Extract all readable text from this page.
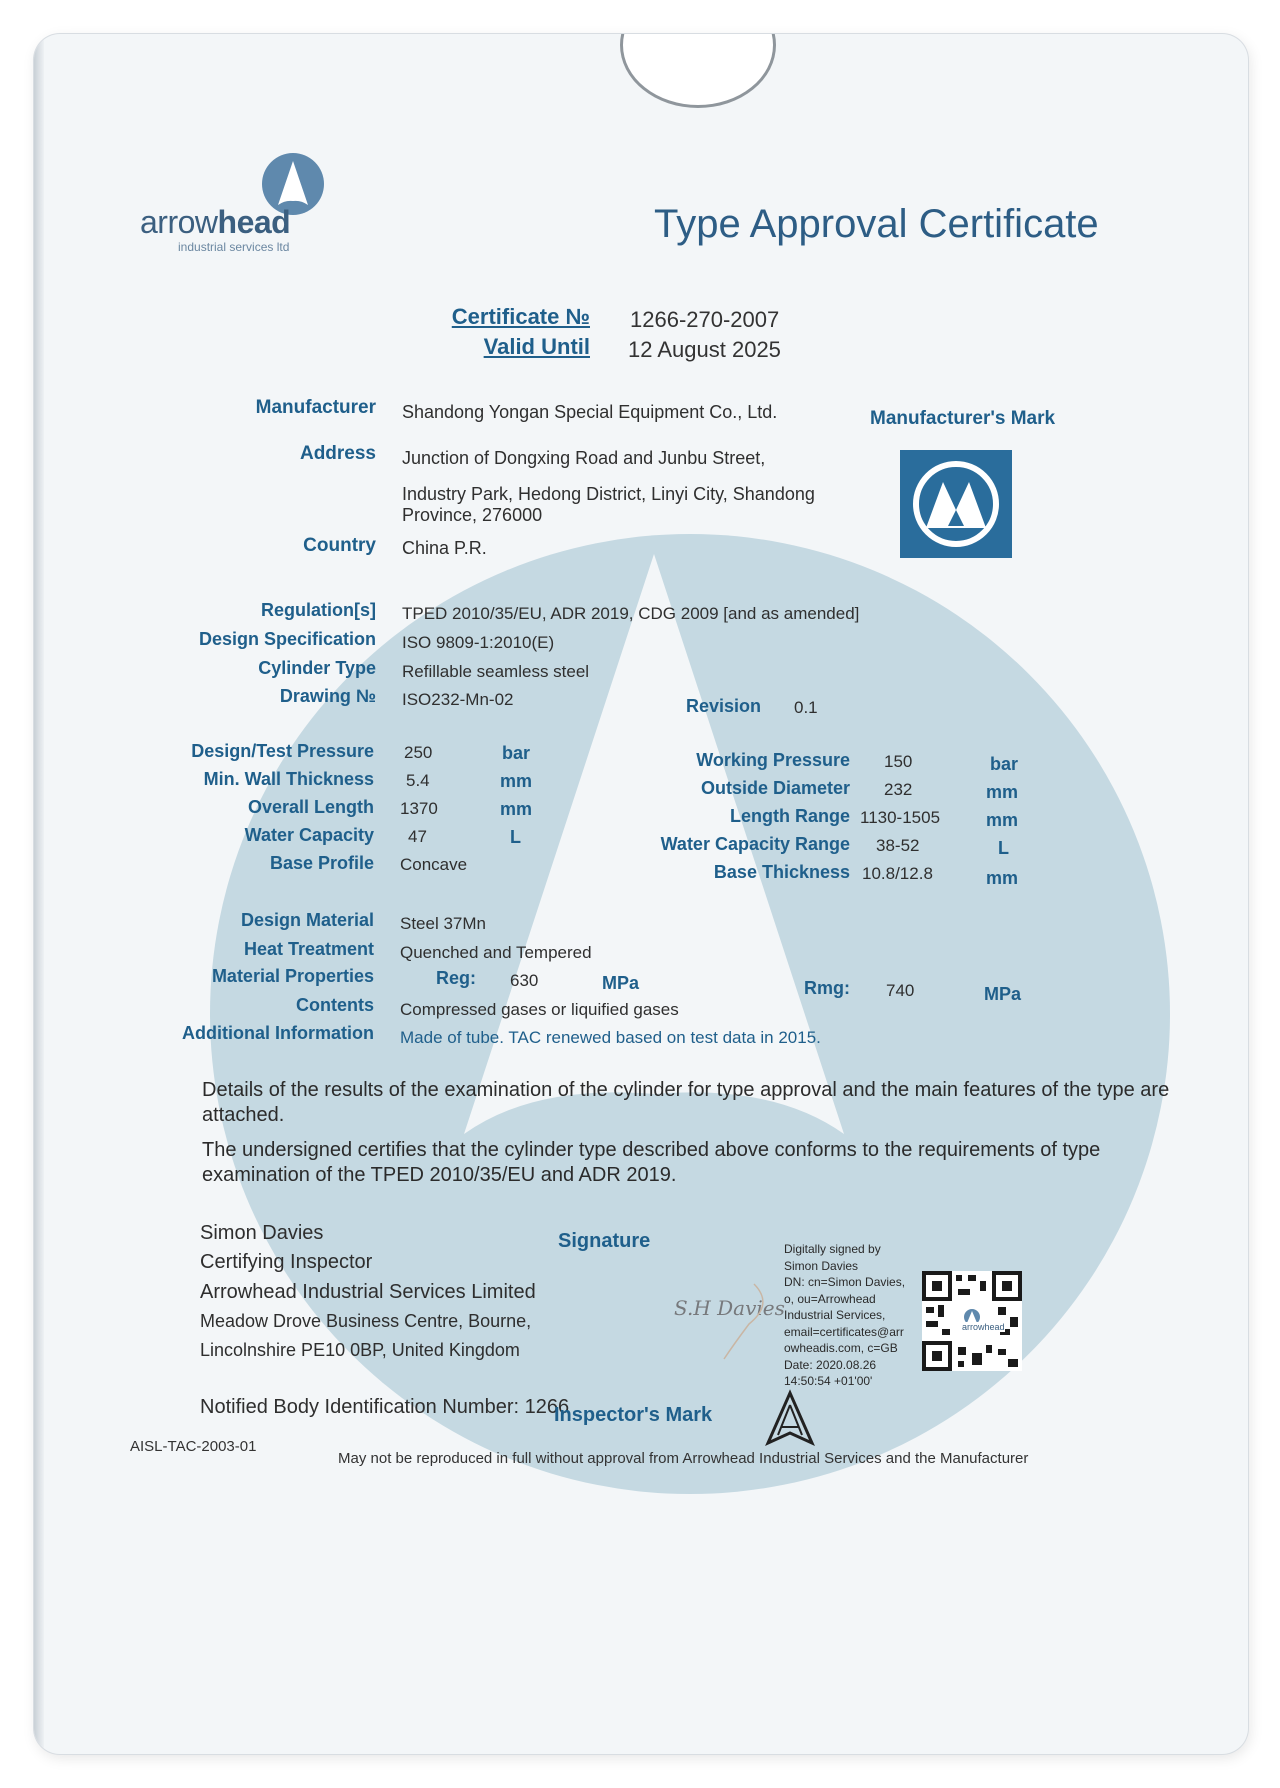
arrowhead
industrial services ltd
Type Approval Certificate
Certificate № 1266-270-2007
Valid Until 12 August 2025
Manufacturer Shandong Yongan Special Equipment Co., Ltd.	Manufacturer's Mark
Address Junction of Dongxing Road and Junbu Street,
Industry Park, Hedong District, Linyi City, Shandong
Province, 276000
Country China P.R.
Regulation[s] TPED 2010/35/EU, ADR 2019, CDG 2009 [and as amended]
Design Specification ISO 9809-1:2010(E)
Cylinder Type Refillable seamless steel
Drawing № ISO232-Mn-02	Revision 0.1
Design/Test Pressure 250	bar
Min. Wall Thickness 5.4	mm
Overall Length 1370	mm
Water Capacity 47	L
Base Profile Concave
Working Pressure 150	bar
Outside Diameter 232	mm
Length Range 1130-1505	mm
Water Capacity Range 38-52	L
Base Thickness 10.8/12.8	mm
Design Material Steel 37Mn
Heat Treatment Quenched and Tempered
Material Properties	Reg: 630	MPa	Rmg: 740	MPa
Contents Compressed gases or liquified gases
Additional Information Made of tube. TAC renewed based on test data in 2015.
Details of the results of the examination of the cylinder for type approval and the main features of the type are attached.
The undersigned certifies that the cylinder type described above conforms to the requirements of type examination of the TPED 2010/35/EU and ADR 2019.
Simon Davies
Certifying Inspector
Arrowhead Industrial Services Limited
Meadow Drove Business Centre, Bourne,
Lincolnshire PE10 0BP, United Kingdom
Signature
S.H Davies
Digitally signed by
Simon Davies
DN: cn=Simon Davies,
o, ou=Arrowhead
Industrial Services,
email=certificates@arr
owheadis.com, c=GB
Date: 2020.08.26
14:50:54 +01'00'
arrowhead
Notified Body Identification Number: 1266
Inspector's Mark
AISL-TAC-2003-01
May not be reproduced in full without approval from Arrowhead Industrial Services and the Manufacturer
